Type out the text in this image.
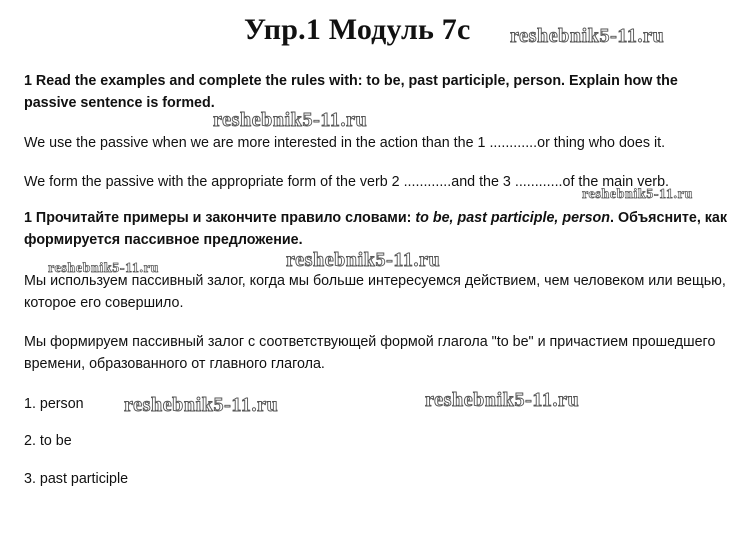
Упр.1 Модуль 7c
1 Read the examples and complete the rules with: to be, past participle, person. Explain how the passive sentence is formed.
We use the passive when we are more interested in the action than the 1 ............or thing who does it.
We form the passive with the appropriate form of the verb 2 ............and the 3 ............of the main verb.
1 Прочитайте примеры и закончите правило словами: to be, past participle, person. Объясните, как формируется пассивное предложение.
Мы используем пассивный залог, когда мы больше интересуемся действием, чем человеком или вещью, которое его совершило.
Мы формируем пассивный залог с соответствующей формой глагола "to be" и причастием прошедшего времени, образованного от главного глагола.
1. person
2. to be
3. past participle
reshebnik5-11.ru
reshebnik5-11.ru
reshebnik5-11.ru
reshebnik5-11.ru
reshebnik5-11.ru
reshebnik5-11.ru	reshebnik5-11.ru
